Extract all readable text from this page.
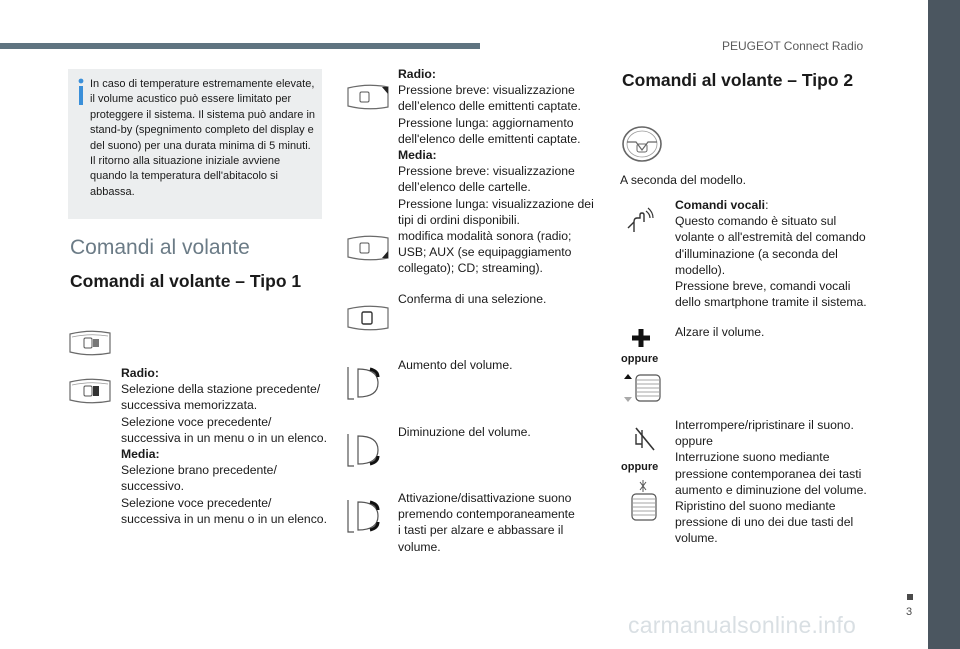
PEUGEOT Connect Radio
In caso di temperature estremamente elevate,
il volume acustico può essere limitato per
proteggere il sistema. Il sistema può andare in
stand-by (spegnimento completo del display e
del suono) per una durata minima di 5 minuti.
Il ritorno alla situazione iniziale avviene
quando la temperatura dell'abitacolo si
abbassa.
Comandi al volante
Comandi al volante – Tipo 1
Radio:
Selezione della stazione precedente/
successiva memorizzata.
Selezione voce precedente/
successiva in un menu o in un elenco.
Media:
Selezione brano precedente/
successivo.
Selezione voce precedente/
successiva in un menu o in un elenco.
Radio:
Pressione breve: visualizzazione
dell’elenco delle emittenti captate.
Pressione lunga: aggiornamento
dell'elenco delle emittenti captate.
Media:
Pressione breve: visualizzazione
dell’elenco delle cartelle.
Pressione lunga: visualizzazione dei
tipi di ordini disponibili.
modifica modalità sonora (radio;
USB; AUX (se equipaggiamento
collegato); CD; streaming).
Conferma di una selezione.
Aumento del volume.
Diminuzione del volume.
Attivazione/disattivazione suono
premendo contemporaneamente
i tasti per alzare e abbassare il
volume.
Comandi al volante – Tipo 2
A seconda del modello.
Comandi vocali:
Questo comando è situato sul
volante o all'estremità del comando
d'illuminazione (a seconda del
modello).
Pressione breve, comandi vocali
dello smartphone tramite il sistema.
oppure
Alzare il volume.
oppure
Interrompere/ripristinare il suono.
oppure
Interruzione suono mediante
pressione contemporanea dei tasti
aumento e diminuzione del volume.
Ripristino del suono mediante
pressione di uno dei due tasti del
volume.
carmanualsonline.info	3
